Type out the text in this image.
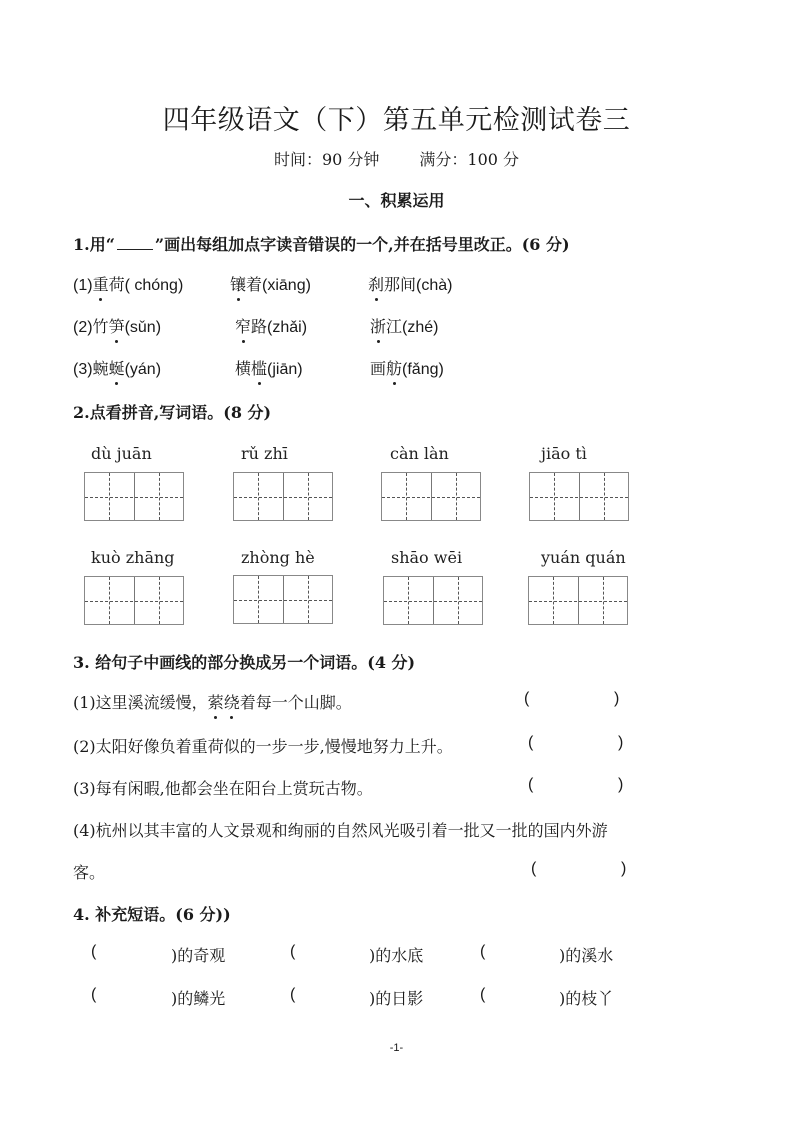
四年级语文（下）第五单元检测试卷三
时间：90 分钟	满分：100 分
一、积累运用
1.用“	”画出每组加点字读音错误的一个,并在括号里改正。(6 分)
(1)重荷( chóng)	镶着(xiāng)	刹那间(chà)
(2)竹笋(sǔn)	窄路(zhǎi)	浙江(zhé)
(3)蜿蜒(yán)	横槛(jiān)	画舫(fǎng)
2.点看拼音,写词语。(8 分)
dù juān	rǔ zhī	càn làn	jiāo tì
kuò zhāng	zhòng hè	shāo wēi	yuán quán
3. 给句子中画线的部分换成另一个词语。(4 分)
(1)这里溪流缓慢，萦绕着每一个山脚。	(	)
(2)太阳好像负着重荷似的一步一步,慢慢地努力上升。	(	)
(3)每有闲暇,他都会坐在阳台上赏玩古物。	(	)
(4)杭州以其丰富的人文景观和绚丽的自然风光吸引着一批又一批的国内外游
客。	(	)
4. 补充短语。(6 分))
(	)的奇观	(	)的水底	(	)的溪水
(	)的鳞光	(	)的日影	(	)的枝丫
-1-
